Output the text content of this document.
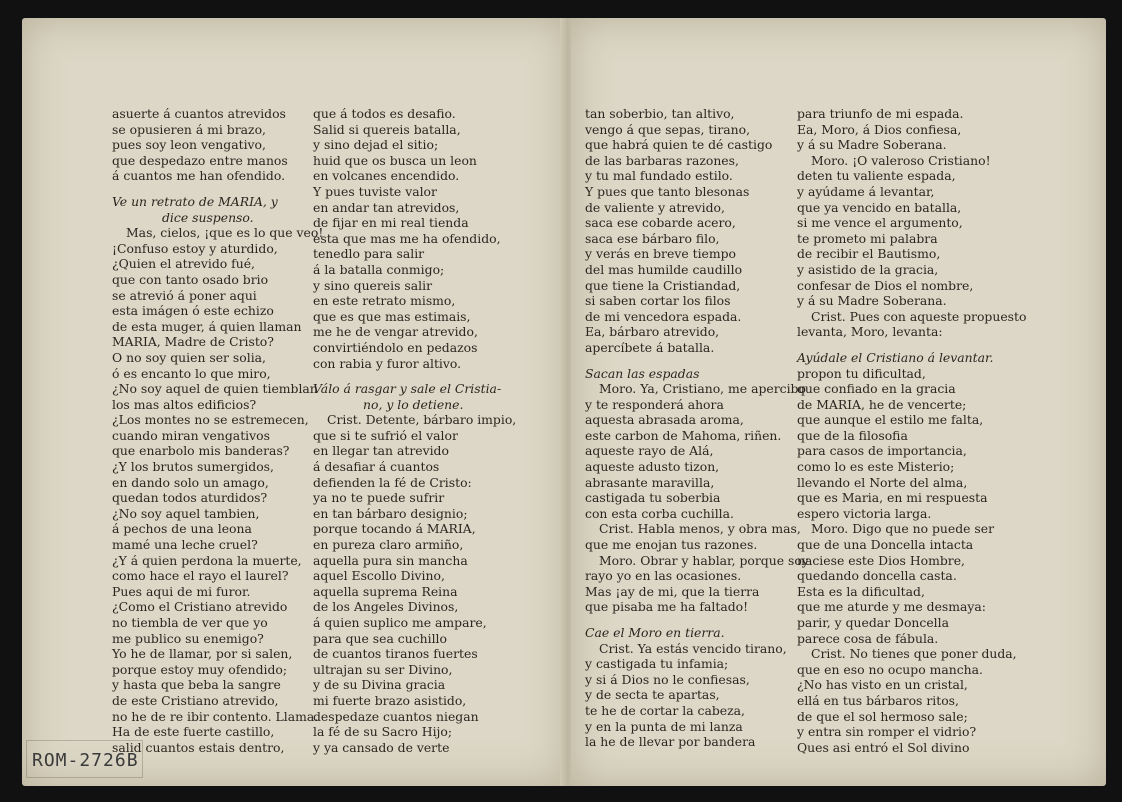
asuerte á cuantos atrevidos
se opusieren á mi brazo,
pues soy leon vengativo,
que despedazo entre manos
á cuantos me han ofendido.
Ve un retrato de MARIA, y
dice suspenso.
Mas, cielos, ¡que es lo que veo!
¡Confuso estoy y aturdido,
¿Quien el atrevido fué,
que con tanto osado brio
se atrevió á poner aqui
esta imágen ó este echizo
de esta muger, á quien llaman
MARIA, Madre de Cristo?
O no soy quien ser solia,
ó es encanto lo que miro,
¿No soy aquel de quien tiemblan
los mas altos edificios?
¿Los montes no se estremecen,
cuando miran vengativos
que enarbolo mis banderas?
¿Y los brutos sumergidos,
en dando solo un amago,
quedan todos aturdidos?
¿No soy aquel tambien,
á pechos de una leona
mamé una leche cruel?
¿Y á quien perdona la muerte,
como hace el rayo el laurel?
Pues aqui de mi furor.
¿Como el Cristiano atrevido
no tiembla de ver que yo
me publico su enemigo?
Yo he de llamar, por si salen,
porque estoy muy ofendido;
y hasta que beba la sangre
de este Cristiano atrevido,
no he de re ibir contento. Llama.
Ha de este fuerte castillo,
salid cuantos estais dentro,
que á todos es desafio.
Salid si quereis batalla,
y sino dejad el sitio;
huid que os busca un leon
en volcanes encendido.
Y pues tuviste valor
en andar tan atrevidos,
de fijar en mi real tienda
esta que mas me ha ofendido,
tenedlo para salir
á la batalla conmigo;
y sino quereis salir
en este retrato mismo,
que es que mas estimais,
me he de vengar atrevido,
convirtiéndolo en pedazos
con rabia y furor altivo.
Válo á rasgar y sale el Cristia-
no, y lo detiene.
Crist. Detente, bárbaro impio,
que si te sufrió el valor
en llegar tan atrevido
á desafiar á cuantos
defienden la fé de Cristo:
ya no te puede sufrir
en tan bárbaro designio;
porque tocando á MARIA,
en pureza claro armiño,
aquella pura sin mancha
aquel Escollo Divino,
aquella suprema Reina
de los Angeles Divinos,
á quien suplico me ampare,
para que sea cuchillo
de cuantos tiranos fuertes
ultrajan su ser Divino,
y de su Divina gracia
mi fuerte brazo asistido,
despedaze cuantos niegan
la fé de su Sacro Hijo;
y ya cansado de verte
tan soberbio, tan altivo,
vengo á que sepas, tirano,
que habrá quien te dé castigo
de las barbaras razones,
y tu mal fundado estilo.
Y pues que tanto blesonas
de valiente y atrevido,
saca ese cobarde acero,
saca ese bárbaro filo,
y verás en breve tiempo
del mas humilde caudillo
que tiene la Cristiandad,
si saben cortar los filos
de mi vencedora espada.
Ea, bárbaro atrevido,
apercíbete á batalla.
Sacan las espadas
Moro. Ya, Cristiano, me apercibo
y te responderá ahora
aquesta abrasada aroma,
este carbon de Mahoma, riñen.
aqueste rayo de Alá,
aqueste adusto tizon,
abrasante maravilla,
castigada tu soberbia
con esta corba cuchilla.
Crist. Habla menos, y obra mas,
que me enojan tus razones.
Moro. Obrar y hablar, porque soy
rayo yo en las ocasiones.
Mas ¡ay de mi, que la tierra
que pisaba me ha faltado!
Cae el Moro en tierra.
Crist. Ya estás vencido tirano,
y castigada tu infamia;
y si á Dios no le confiesas,
y de secta te apartas,
te he de cortar la cabeza,
y en la punta de mi lanza
la he de llevar por bandera
para triunfo de mi espada.
Ea, Moro, á Dios confiesa,
y á su Madre Soberana.
Moro. ¡O valeroso Cristiano!
deten tu valiente espada,
y ayúdame á levantar,
que ya vencido en batalla,
si me vence el argumento,
te prometo mi palabra
de recibir el Bautismo,
y asistido de la gracia,
confesar de Dios el nombre,
y á su Madre Soberana.
Crist. Pues con aqueste propuesto
levanta, Moro, levanta:
Ayúdale el Cristiano á levantar.
propon tu dificultad,
que confiado en la gracia
de MARIA, he de vencerte;
que aunque el estilo me falta,
que de la filosofia
para casos de importancia,
como lo es este Misterio;
llevando el Norte del alma,
que es Maria, en mi respuesta
espero victoria larga.
Moro. Digo que no puede ser
que de una Doncella intacta
naciese este Dios Hombre,
quedando doncella casta.
Esta es la dificultad,
que me aturde y me desmaya:
parir, y quedar Doncella
parece cosa de fábula.
Crist. No tienes que poner duda,
que en eso no ocupo mancha.
¿No has visto en un cristal,
ellá en tus bárbaros ritos,
de que el sol hermoso sale;
y entra sin romper el vidrio?
Ques asi entró el Sol divino
ROM-2726B
